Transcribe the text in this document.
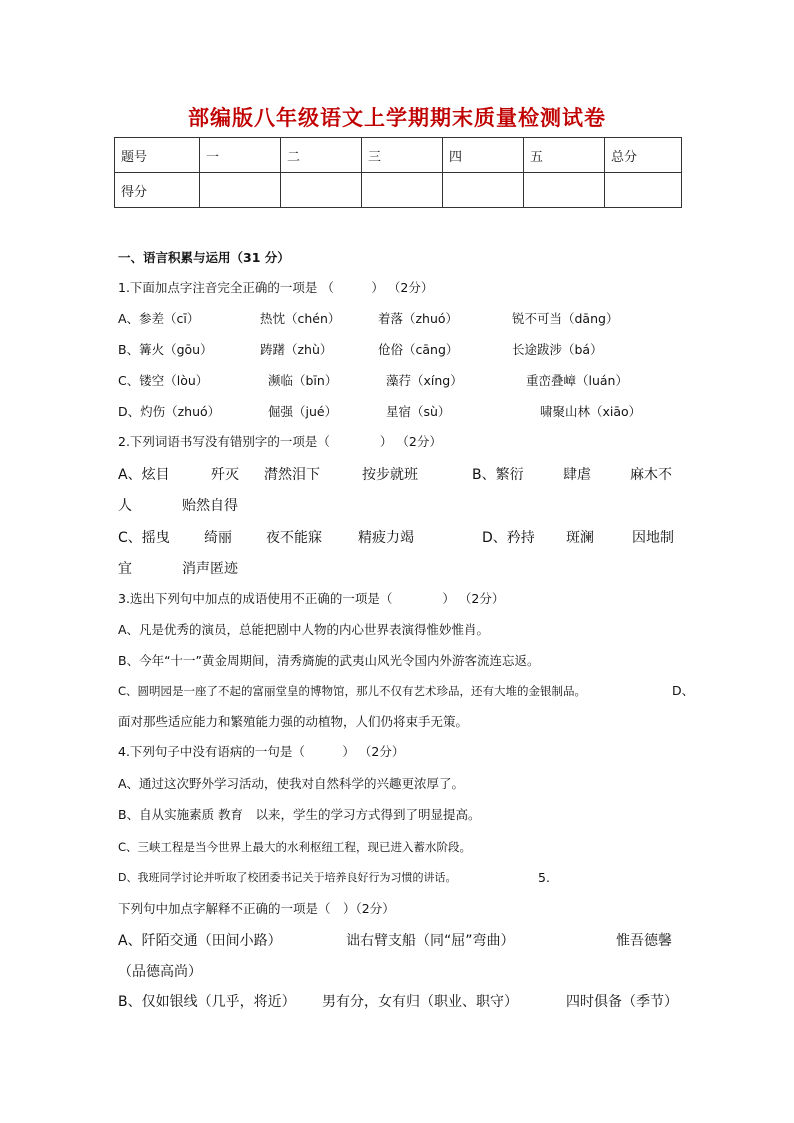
部编版八年级语文上学期期末质量检测试卷
题号	一	二	三	四	五	总分
得分						
一、语言积累与运用（31 分）
1.下面加点字注音完全正确的一项是 （　　　） （2分）
A、参差（cī）	热忱（chén）	着落（zhuó）	锐不可当（dāng）
B、篝火（gōu）	踌躇（zhù）	伧俗（cāng）	长途跋涉（bá）
C、镂空（lòu）	濒临（bīn）	藻荇（xíng）	重峦叠嶂（luán）
D、灼伤（zhuó）	倔强（jué）	星宿（sù）	啸聚山林（xiāo）
2.下列词语书写没有错别字的一项是（　　　　） （2分）
A、炫目	歼灭 潸然泪下	按步就班	B、繁衍	肆虐	麻木不
人	贻然自得
C、摇曳 绮丽 夜不能寐	精疲力竭	D、矜持 斑澜	因地制
宜	消声匿迹
3.选出下列句中加点的成语使用不正确的一项是（　　　　） （2分）
A、凡是优秀的演员，总能把剧中人物的内心世界表演得惟妙惟肖。
B、今年“十一”黄金周期间，清秀旖旎的武夷山风光令国内外游客流连忘返。
C、圆明园是一座了不起的富丽堂皇的博物馆，那儿不仅有艺术珍品，还有大堆的金银制品。	D、
面对那些适应能力和繁殖能力强的动植物，人们仍将束手无策。
4.下列句子中没有语病的一句是（　　　） （2分）
A、通过这次野外学习活动，使我对自然科学的兴趣更浓厚了。
B、自从实施素质 教育　以来，学生的学习方式得到了明显提高。
C、三峡工程是当今世界上最大的水利枢纽工程，现已进入蓄水阶段。
D、我班同学讨论并听取了校团委书记关于培养良好行为习惯的讲话。	5.
下列句中加点字解释不正确的一项是（　）（2分）
A、阡陌交通（田间小路）	诎右臂支船（同“屈”弯曲）	惟吾德馨
（品德高尚）
B、仅如银线（几乎，将近） 男有分，女有归（职业、职守）	四时俱备（季节）
